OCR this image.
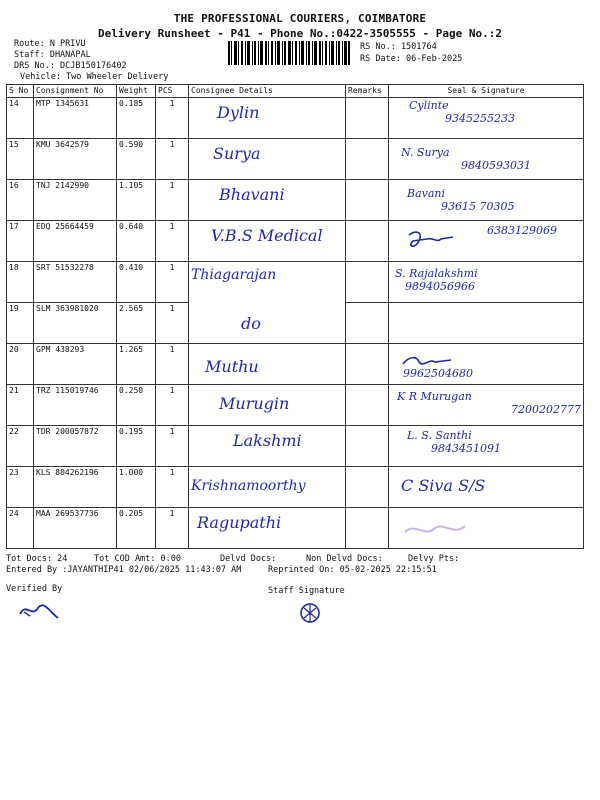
THE PROFESSIONAL COURIERS, COIMBATORE
Delivery Runsheet - P41 - Phone No.:0422-3505555 - Page No.:2
Route: N PRIVU
Staff: DHANAPAL
DRS No.: DCJB150176402
Vehicle: Two Wheeler Delivery
RS No.: 1501764
RS Date: 06-Feb-2025
S No	Consignment No	Weight	PCS	Consignee Details	Remarks	Seal & Signature
14	MTP 1345631	0.185	1	Dylin		Cylinte
9345255233

15	KMU 3642579	0.590	1	Surya		N. Surya
9840593031

16	TNJ 2142990	1.105	1	Bhavani		Bavani
93615 70305

17	EDQ 25664459	0.640	1	V.B.S Medical		6383129069

18	SRT 51532278	0.410	1	Thiagarajan		S. Rajalakshmi
9894056966

19	SLM 363981020	2.565	1	do		

20	GPM 438293	1.265	1	Muthu		9962504680

21	TRZ 115019746	0.250	1	Murugin		K R Murugan
7200202777

22	TDR 200057872	0.195	1	Lakshmi		L. S. Santhi
9843451091

23	KLS 804262196	1.000	1	Krishnamoorthy		C Siva S/S

24	MAA 269537736	0.205	1	Ragupathi

Tot Docs: 24	Tot COD Amt: 0.00	Delvd Docs:	Non Delvd Docs:	Delvy Pts:
Entered By :JAYANTHIP41 02/06/2025 11:43:07 AM	Reprinted On: 05-02-2025 22:15:51
Verified By	Staff Signature
